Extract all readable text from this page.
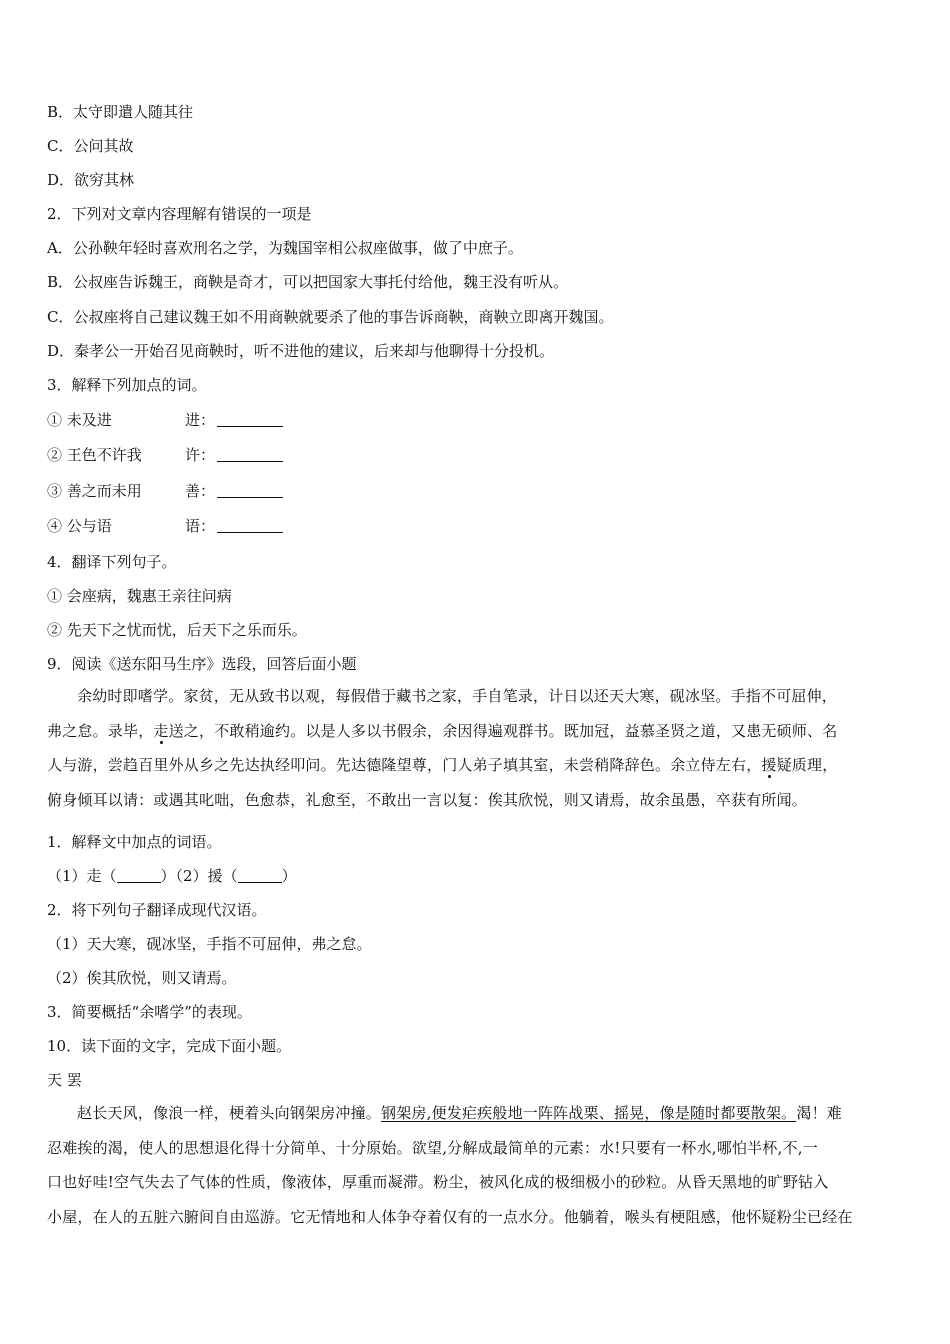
B．太守即遣人随其往
C．公问其故
D．欲穷其林
2．下列对文章内容理解有错误的一项是
A．公孙鞅年轻时喜欢刑名之学，为魏国宰相公叔座做事，做了中庶子。
B．公叔座告诉魏王，商鞅是奇才，可以把国家大事托付给他，魏王没有听从。
C．公叔座将自己建议魏王如不用商鞅就要杀了他的事告诉商鞅，商鞅立即离开魏国。
D．秦孝公一开始召见商鞅时，听不进他的建议，后来却与他聊得十分投机。
3．解释下列加点的词。
① 未及进	进：
② 王色不许我	许：
③ 善之而未用	善：
④ 公与语	语：
4．翻译下列句子。
① 会座病，魏惠王亲往问病
② 先天下之忧而忧，后天下之乐而乐。
9．阅读《送东阳马生序》选段，回答后面小题
余幼时即嗜学。家贫，无从致书以观，每假借于藏书之家，手自笔录，计日以还天大寒，砚冰坚。手指不可屈伸，
弗之怠。录毕，走送之，不敢稍逾约。以是人多以书假余，余因得遍观群书。既加冠，益慕圣贤之道，又患无硕师、名
人与游，尝趋百里外从乡之先达执经叩问。先达德隆望尊，门人弟子填其室，未尝稍降辞色。余立侍左右，援疑质理，
俯身倾耳以请：或遇其叱咄，色愈恭，礼愈至，不敢出一言以复：俟其欣悦，则又请焉，故余虽愚，卒获有所闻。
1．解释文中加点的词语。
（1）走（	）（2）援（	）
2．将下列句子翻译成现代汉语。
（1）天大寒，砚冰坚，手指不可屈伸，弗之怠。
（2）俟其欣悦，则又请焉。
3．简要概括“余嗜学”的表现。
10．读下面的文字，完成下面小题。
天 罢
赵长天风，像浪一样，梗着头向钢架房冲撞。钢架房,便发疟疾般地一阵阵战栗、摇晃，像是随时都要散架。渴！难
忍难挨的渴，使人的思想退化得十分简单、十分原始。欲望,分解成最简单的元素：水!只要有一杯水,哪怕半杯,不,一
口也好哇!空气失去了气体的性质，像液体，厚重而凝滞。粉尘，被风化成的极细极小的砂粒。从昏天黑地的旷野钻入
小屋，在人的五脏六腑间自由巡游。它无情地和人体争夺着仅有的一点水分。他躺着，喉头有梗阻感，他怀疑粉尘已经在
